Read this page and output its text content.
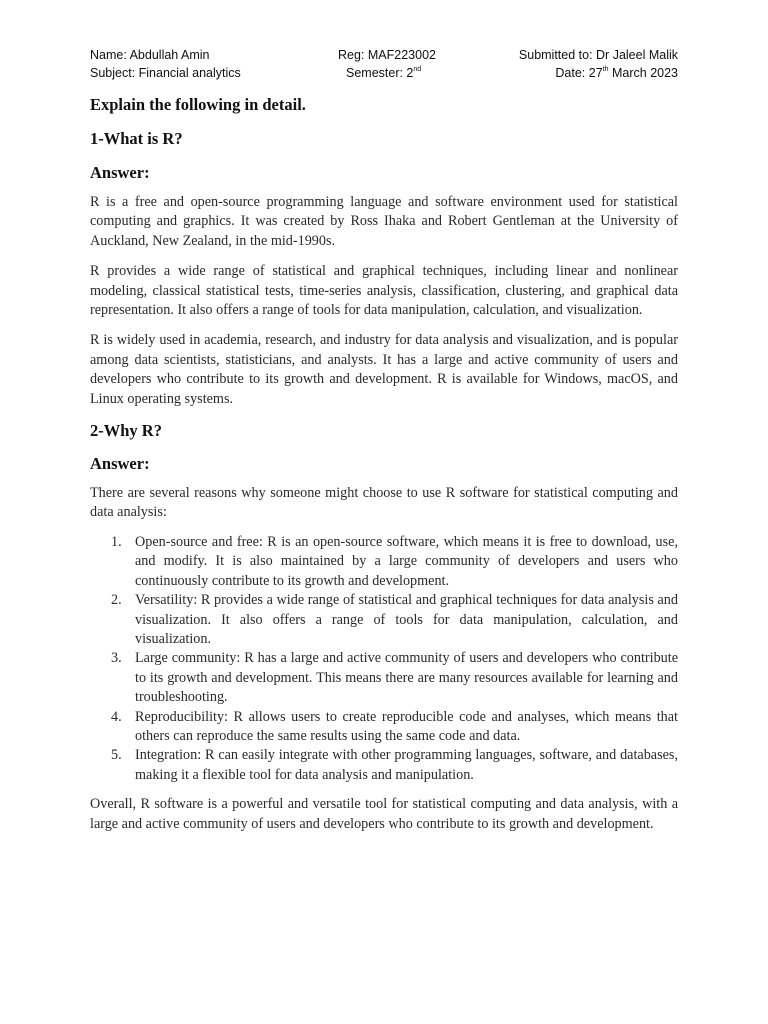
Name: Abdullah Amin	Reg: MAF223002	Submitted to: Dr Jaleel Malik
Subject: Financial analytics	Semester: 2nd	Date: 27th March 2023
Explain the following in detail.
1-What is R?
Answer:

R is a free and open-source programming language and software environment used for statistical computing and graphics. It was created by Ross Ihaka and Robert Gentleman at the University of Auckland, New Zealand, in the mid-1990s.

R provides a wide range of statistical and graphical techniques, including linear and nonlinear modeling, classical statistical tests, time-series analysis, classification, clustering, and graphical data representation. It also offers a range of tools for data manipulation, calculation, and visualization.

R is widely used in academia, research, and industry for data analysis and visualization, and is popular among data scientists, statisticians, and analysts. It has a large and active community of users and developers who contribute to its growth and development. R is available for Windows, macOS, and Linux operating systems.

2-Why R?
Answer:

There are several reasons why someone might choose to use R software for statistical computing and data analysis:

1. Open-source and free: R is an open-source software, which means it is free to download, use, and modify. It is also maintained by a large community of developers and users who continuously contribute to its growth and development.
2. Versatility: R provides a wide range of statistical and graphical techniques for data analysis and visualization. It also offers a range of tools for data manipulation, calculation, and visualization.
3. Large community: R has a large and active community of users and developers who contribute to its growth and development. This means there are many resources available for learning and troubleshooting.
4. Reproducibility: R allows users to create reproducible code and analyses, which means that others can reproduce the same results using the same code and data.
5. Integration: R can easily integrate with other programming languages, software, and databases, making it a flexible tool for data analysis and manipulation.

Overall, R software is a powerful and versatile tool for statistical computing and data analysis, with a large and active community of users and developers who contribute to its growth and development.
